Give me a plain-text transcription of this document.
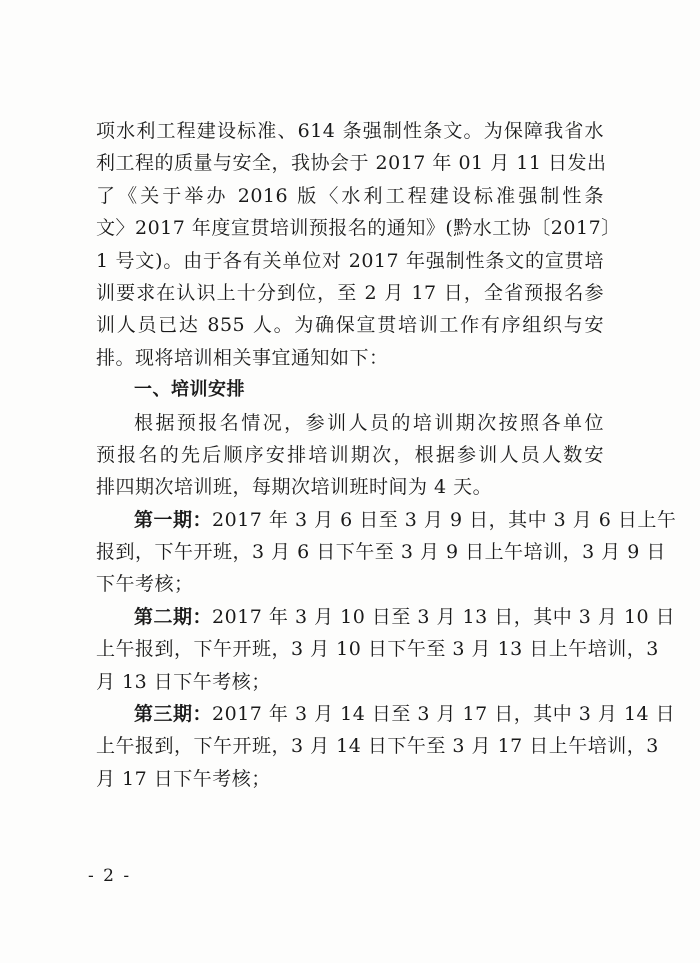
项水利工程建设标准、614 条强制性条文。为保障我省水
利工程的质量与安全，我协会于 2017 年 01 月 11 日发出
了《关于举办 2016 版〈水利工程建设标准强制性条
文〉2017 年度宣贯培训预报名的通知》(黔水工协〔2017〕
1 号文)。由于各有关单位对 2017 年强制性条文的宣贯培
训要求在认识上十分到位，至 2 月 17 日，全省预报名参
训人员已达 855 人。为确保宣贯培训工作有序组织与安
排。现将培训相关事宜通知如下：
一、培训安排
根据预报名情况，参训人员的培训期次按照各单位
预报名的先后顺序安排培训期次，根据参训人员人数安
排四期次培训班，每期次培训班时间为 4 天。
第一期：2017 年 3 月 6 日至 3 月 9 日，其中 3 月 6 日上午
报到，下午开班，3 月 6 日下午至 3 月 9 日上午培训，3 月 9 日
下午考核；
第二期：2017 年 3 月 10 日至 3 月 13 日，其中 3 月 10 日
上午报到，下午开班，3 月 10 日下午至 3 月 13 日上午培训，3
月 13 日下午考核；
第三期：2017 年 3 月 14 日至 3 月 17 日，其中 3 月 14 日
上午报到，下午开班，3 月 14 日下午至 3 月 17 日上午培训，3
月 17 日下午考核；
- 2 -
